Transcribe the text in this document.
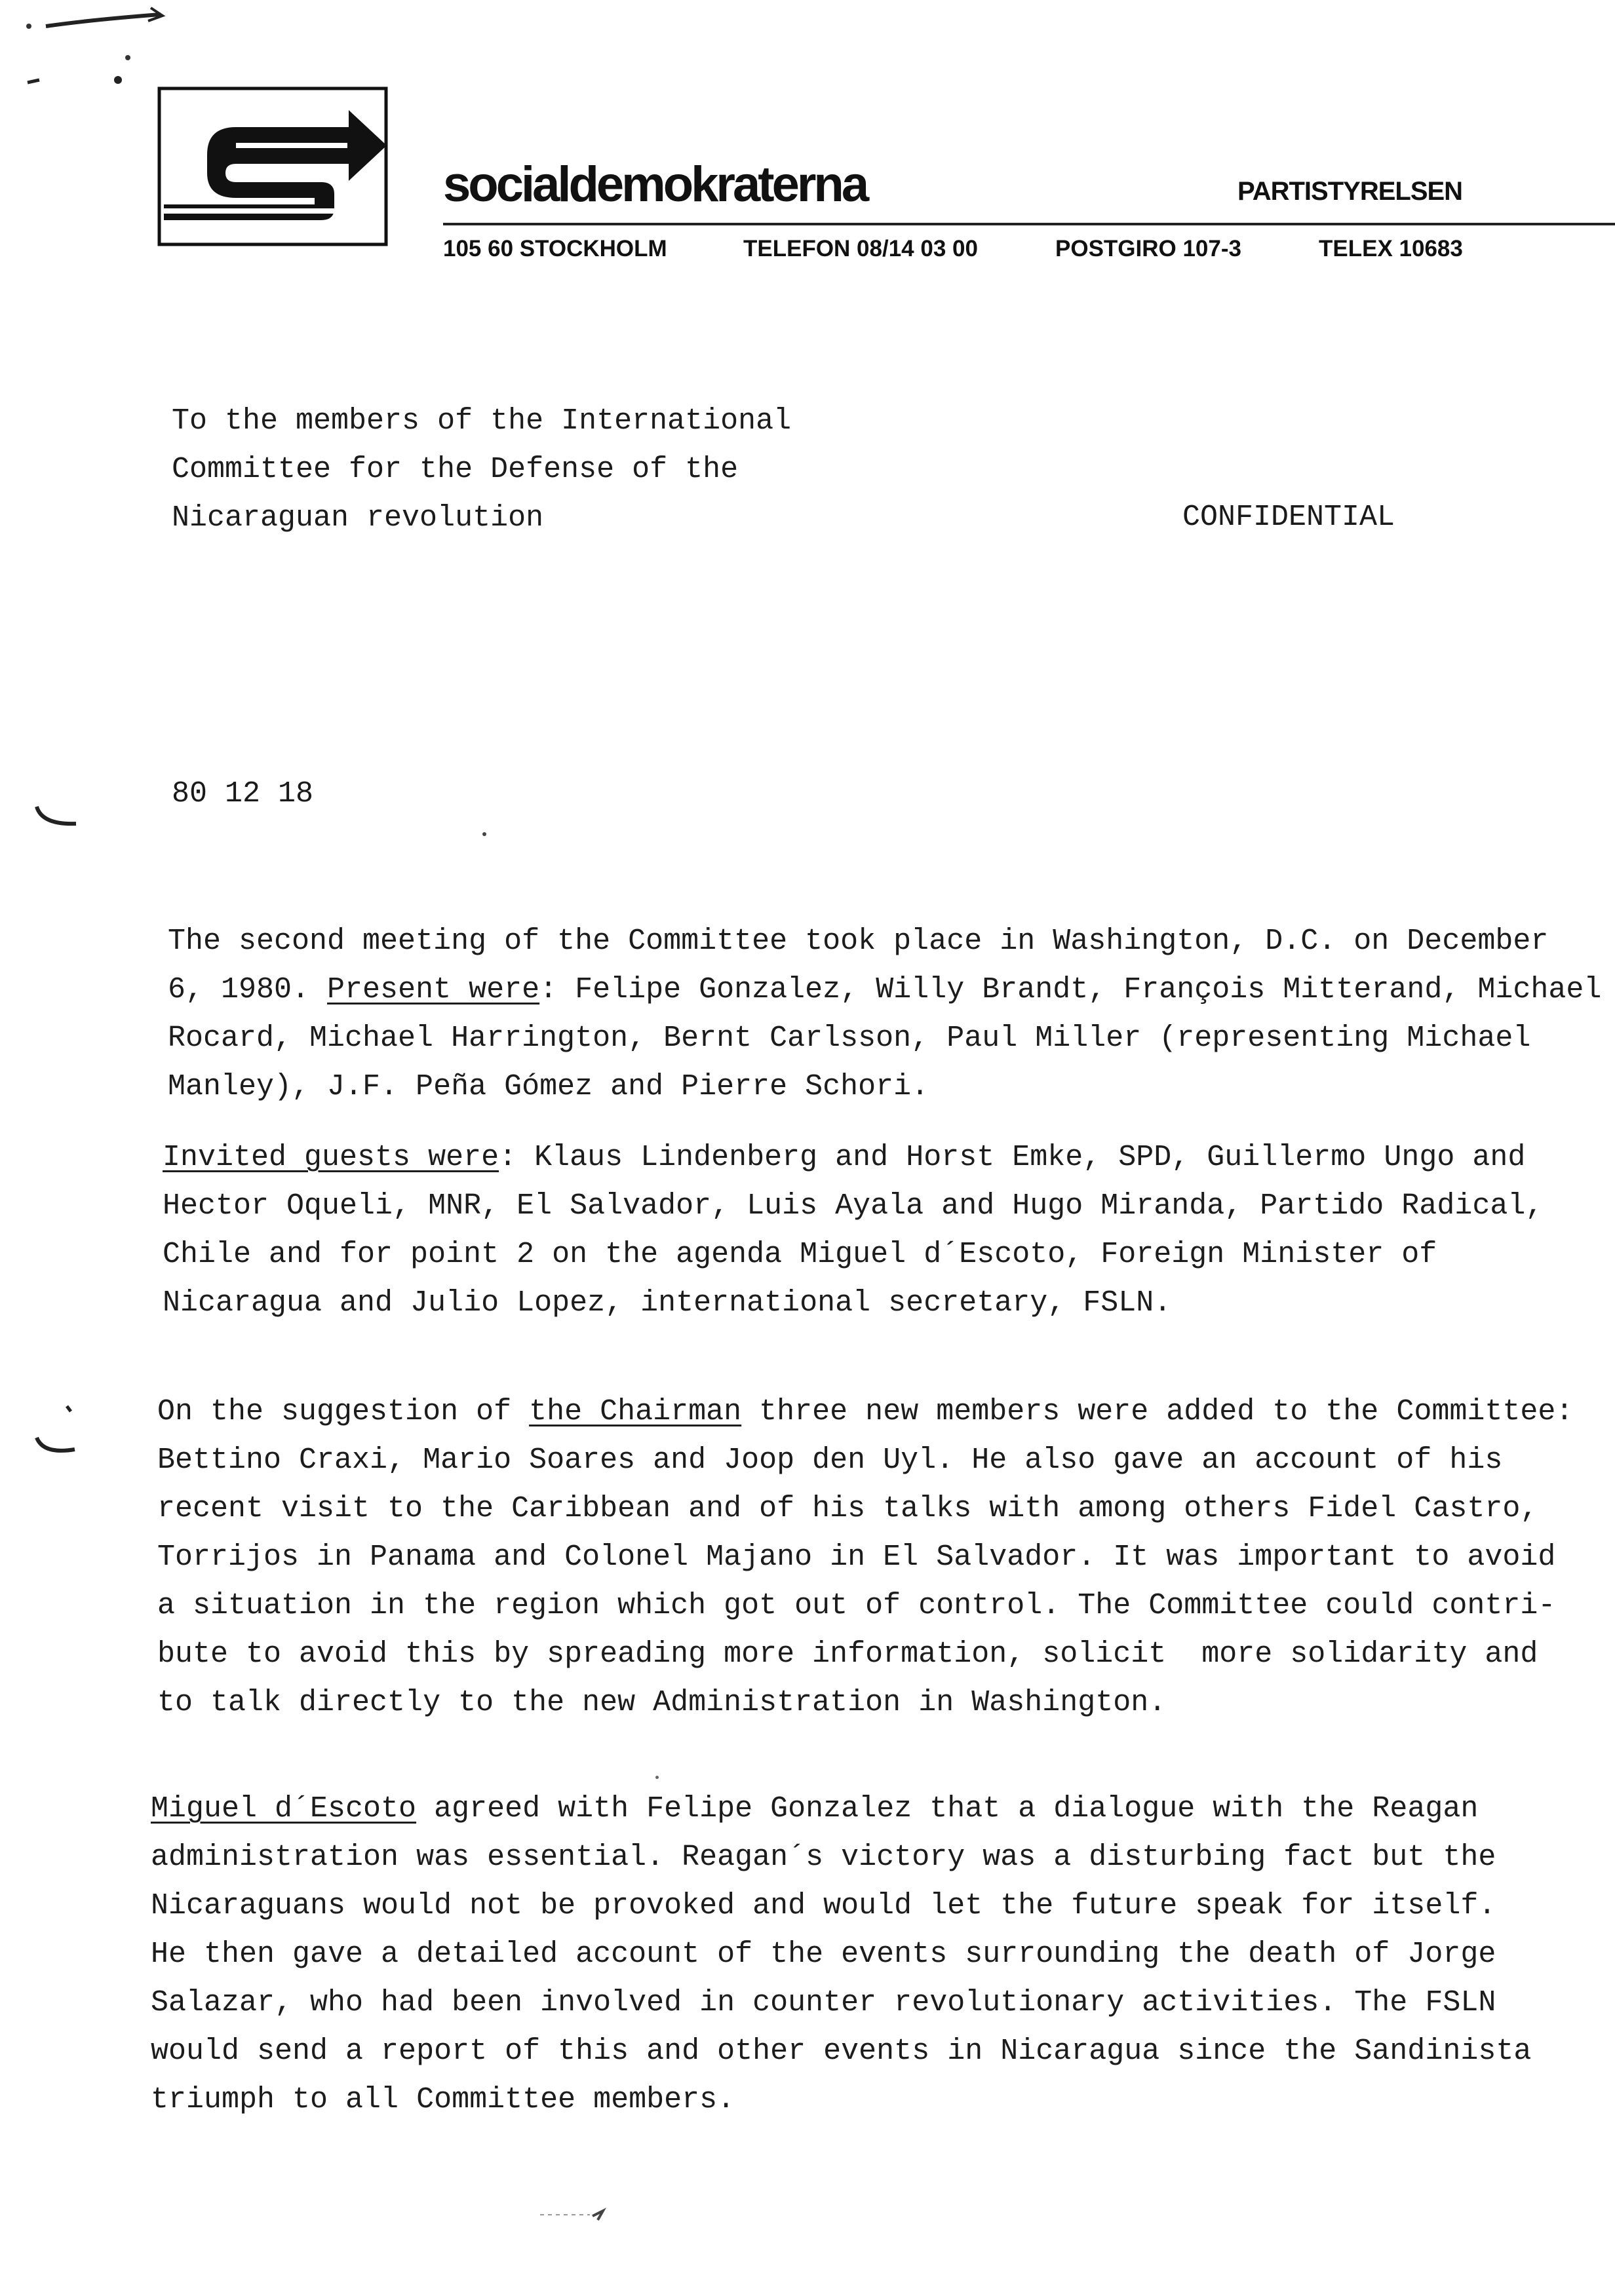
socialdemokraterna	PARTISTYRELSEN
105 60 STOCKHOLM	TELEFON 08/14 03 00	POSTGIRO 107-3	TELEX 10683
To the members of the International
Committee for the Defense of the
Nicaraguan revolution	CONFIDENTIAL
80 12 18
The second meeting of the Committee took place in Washington, D.C. on December
6, 1980. Present were: Felipe Gonzalez, Willy Brandt, François Mitterand, Michael
Rocard, Michael Harrington, Bernt Carlsson, Paul Miller (representing Michael
Manley), J.F. Peña Gómez and Pierre Schori.
Invited guests were: Klaus Lindenberg and Horst Emke, SPD, Guillermo Ungo and
Hector Oqueli, MNR, El Salvador, Luis Ayala and Hugo Miranda, Partido Radical,
Chile and for point 2 on the agenda Miguel d´Escoto, Foreign Minister of
Nicaragua and Julio Lopez, international secretary, FSLN.
On the suggestion of the Chairman three new members were added to the Committee:
Bettino Craxi, Mario Soares and Joop den Uyl. He also gave an account of his
recent visit to the Caribbean and of his talks with among others Fidel Castro,
Torrijos in Panama and Colonel Majano in El Salvador. It was important to avoid
a situation in the region which got out of control. The Committee could contri-
bute to avoid this by spreading more information, solicit  more solidarity and
to talk directly to the new Administration in Washington.
Miguel d´Escoto agreed with Felipe Gonzalez that a dialogue with the Reagan
administration was essential. Reagan´s victory was a disturbing fact but the
Nicaraguans would not be provoked and would let the future speak for itself.
He then gave a detailed account of the events surrounding the death of Jorge
Salazar, who had been involved in counter revolutionary activities. The FSLN
would send a report of this and other events in Nicaragua since the Sandinista
triumph to all Committee members.
